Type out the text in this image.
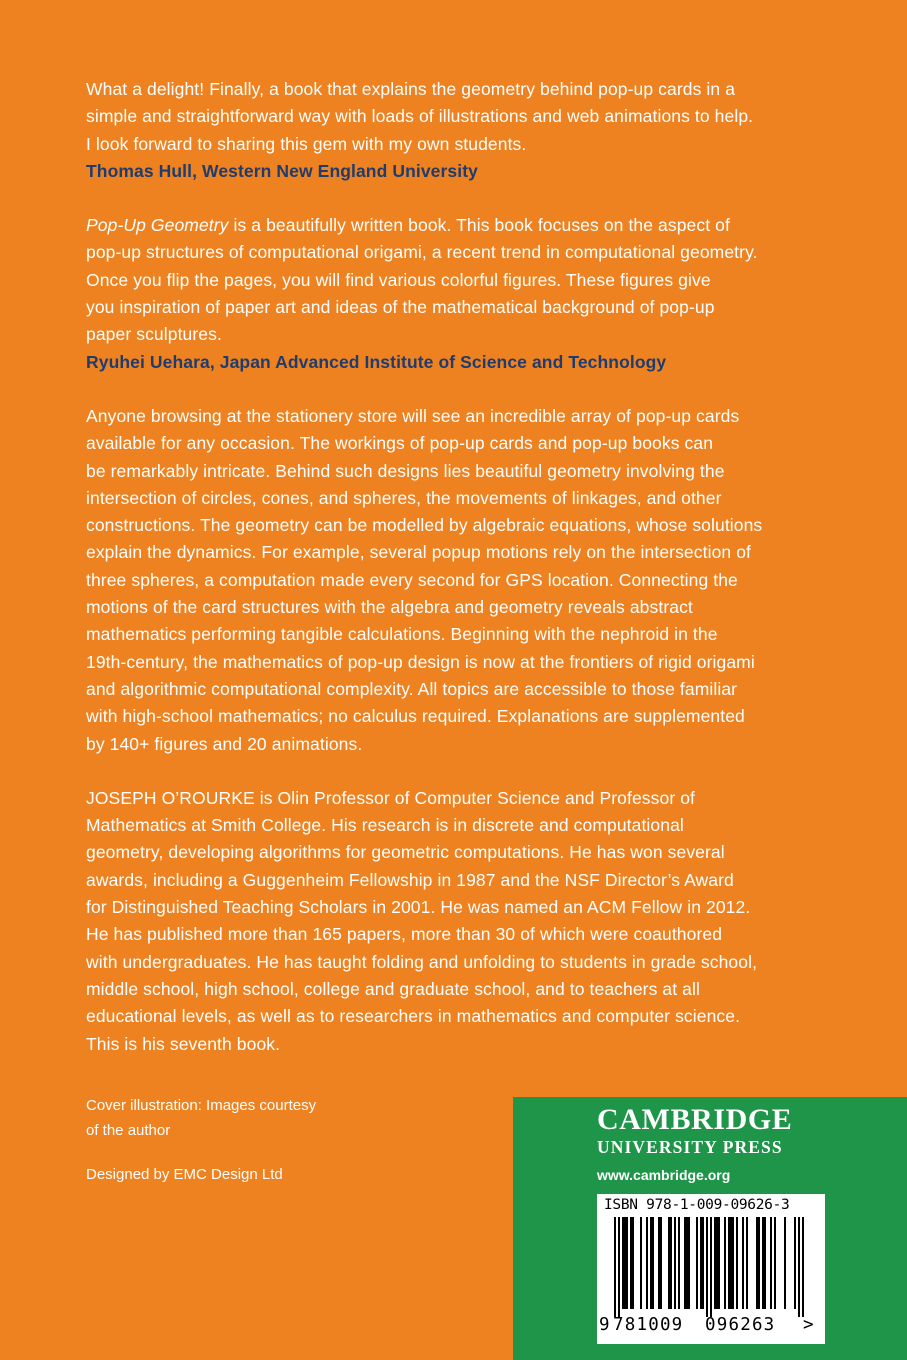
What a delight! Finally, a book that explains the geometry behind pop-up cards in a

simple and straightforward way with loads of illustrations and web animations to help.

I look forward to sharing this gem with my own students.

Thomas Hull, Western New England University

Pop-Up Geometry is a beautifully written book. This book focuses on the aspect of

pop-up structures of computational origami, a recent trend in computational geometry.

Once you flip the pages, you will find various colorful figures. These figures give

you inspiration of paper art and ideas of the mathematical background of pop-up

paper sculptures.

Ryuhei Uehara, Japan Advanced Institute of Science and Technology

Anyone browsing at the stationery store will see an incredible array of pop-up cards

available for any occasion. The workings of pop-up cards and pop-up books can

be remarkably intricate. Behind such designs lies beautiful geometry involving the

intersection of circles, cones, and spheres, the movements of linkages, and other

constructions. The geometry can be modelled by algebraic equations, whose solutions

explain the dynamics. For example, several popup motions rely on the intersection of

three spheres, a computation made every second for GPS location. Connecting the

motions of the card structures with the algebra and geometry reveals abstract

mathematics performing tangible calculations. Beginning with the nephroid in the

19th-century, the mathematics of pop-up design is now at the frontiers of rigid origami

and algorithmic computational complexity. All topics are accessible to those familiar

with high-school mathematics; no calculus required. Explanations are supplemented

by 140+ figures and 20 animations.

JOSEPH O’ROURKE is Olin Professor of Computer Science and Professor of

Mathematics at Smith College. His research is in discrete and computational

geometry, developing algorithms for geometric computations. He has won several

awards, including a Guggenheim Fellowship in 1987 and the NSF Director’s Award

for Distinguished Teaching Scholars in 2001. He was named an ACM Fellow in 2012.

He has published more than 165 papers, more than 30 of which were coauthored

with undergraduates. He has taught folding and unfolding to students in grade school,

middle school, high school, college and graduate school, and to teachers at all

educational levels, as well as to researchers in mathematics and computer science.

This is his seventh book.

Cover illustration: Images courtesy

of the author

Designed by EMC Design Ltd

CAMBRIDGE
UNIVERSITY PRESS
www.cambridge.org
ISBN 978-1-009-09626-3
9 781009 096263 >
